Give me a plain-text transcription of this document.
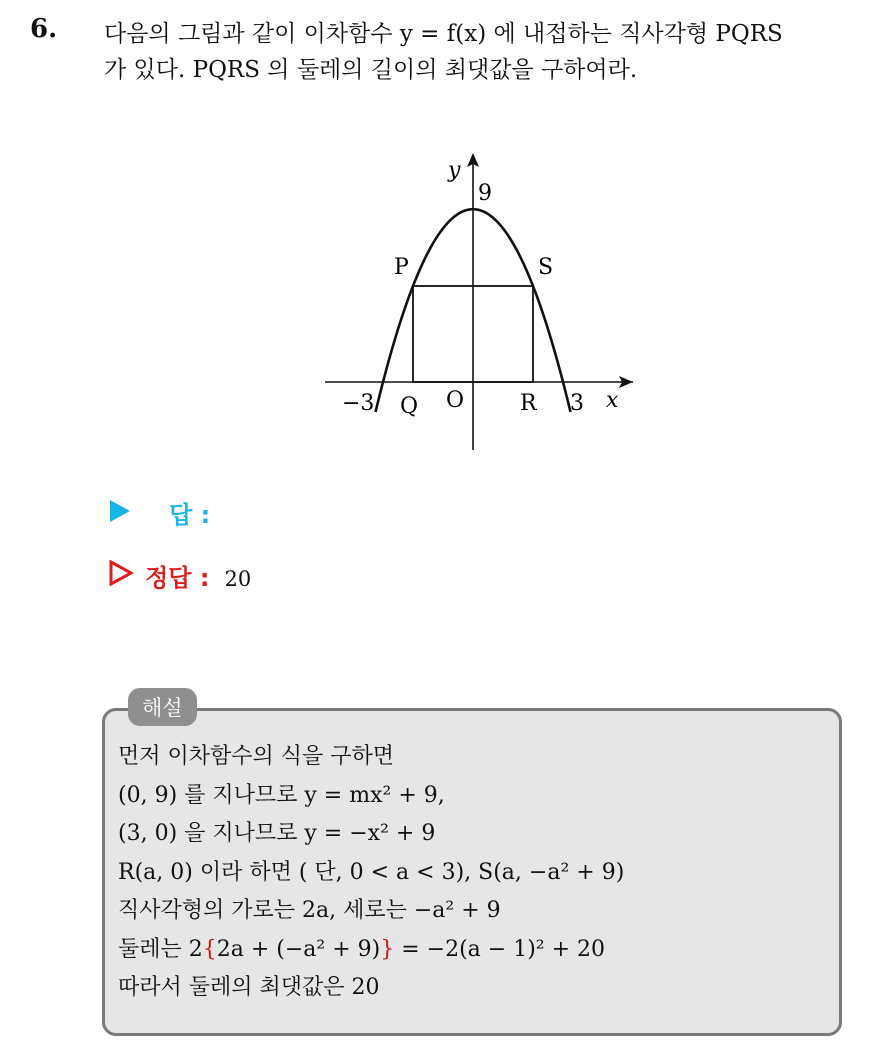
6. 다음의 그림과 같이 이차함수 y = f(x) 에 내접하는 직사각형 PQRS
가 있다. PQRS 의 둘레의 길이의 최댓값을 구하여라.
y
9
P	S
−3 Q O	R 3 x
답 :
정답 : 20
해설
먼저 이차함수의 식을 구하면
(0, 9) 를 지나므로 y = mx² + 9,
(3, 0) 을 지나므로 y = −x² + 9
R(a, 0) 이라 하면 ( 단, 0 < a < 3), S(a, −a² + 9)
직사각형의 가로는 2a, 세로는 −a² + 9
둘레는 2{2a + (−a² + 9)} = −2(a − 1)² + 20
따라서 둘레의 최댓값은 20
